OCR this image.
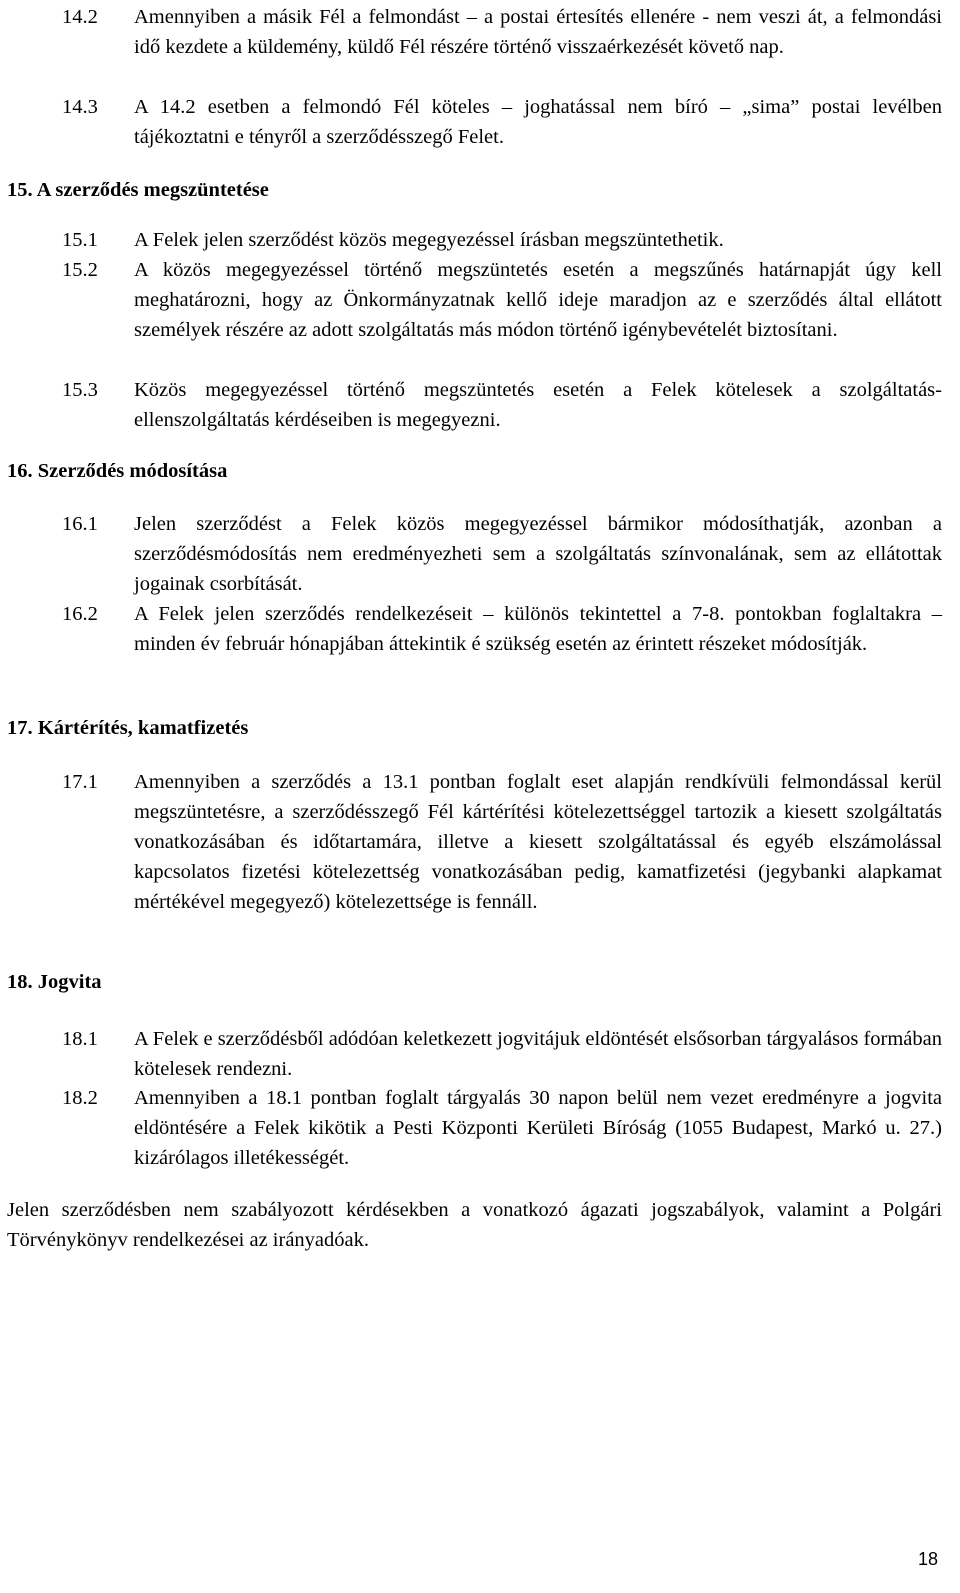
14.2	Amennyiben a másik Fél a felmondást – a postai értesítés ellenére - nem veszi át, a felmondási idő kezdete a küldemény, küldő Fél részére történő visszaérkezését követő nap.
14.3	A 14.2 esetben a felmondó Fél köteles – joghatással nem bíró – „sima” postai levélben tájékoztatni e tényről a szerződésszegő Felet.
15. A szerződés megszüntetése
15.1	A Felek jelen szerződést közös megegyezéssel írásban megszüntethetik.
15.2	A közös megegyezéssel történő megszüntetés esetén a megszűnés határnapját úgy kell meghatározni, hogy az Önkormányzatnak kellő ideje maradjon az e szerződés által ellátott személyek részére az adott szolgáltatás más módon történő igénybevételét biztosítani.
15.3	Közös megegyezéssel történő megszüntetés esetén a Felek kötelesek a szolgáltatás-ellenszolgáltatás kérdéseiben is megegyezni.
16. Szerződés módosítása
16.1	Jelen szerződést a Felek közös megegyezéssel bármikor módosíthatják, azonban a szerződésmódosítás nem eredményezheti sem a szolgáltatás színvonalának, sem az ellátottak jogainak csorbítását.
16.2	A Felek jelen szerződés rendelkezéseit – különös tekintettel a 7-8. pontokban foglaltakra – minden év február hónapjában áttekintik é szükség esetén az érintett részeket módosítják.
17. Kártérítés, kamatfizetés
17.1	Amennyiben a szerződés a 13.1 pontban foglalt eset alapján rendkívüli felmondással kerül megszüntetésre, a szerződésszegő Fél kártérítési kötelezettséggel tartozik a kiesett szolgáltatás vonatkozásában és időtartamára, illetve a kiesett szolgáltatással és egyéb elszámolással kapcsolatos fizetési kötelezettség vonatkozásában pedig, kamatfizetési (jegybanki alapkamat mértékével megegyező) kötelezettsége is fennáll.
18. Jogvita
18.1	A Felek e szerződésből adódóan keletkezett jogvitájuk eldöntését elsősorban tárgyalásos formában kötelesek rendezni.
18.2	Amennyiben a 18.1 pontban foglalt tárgyalás 30 napon belül nem vezet eredményre a jogvita eldöntésére a Felek kikötik a Pesti Központi Kerületi Bíróság (1055 Budapest, Markó u. 27.) kizárólagos illetékességét.
Jelen szerződésben nem szabályozott kérdésekben a vonatkozó ágazati jogszabályok, valamint a Polgári Törvénykönyv rendelkezései az irányadóak.
18
